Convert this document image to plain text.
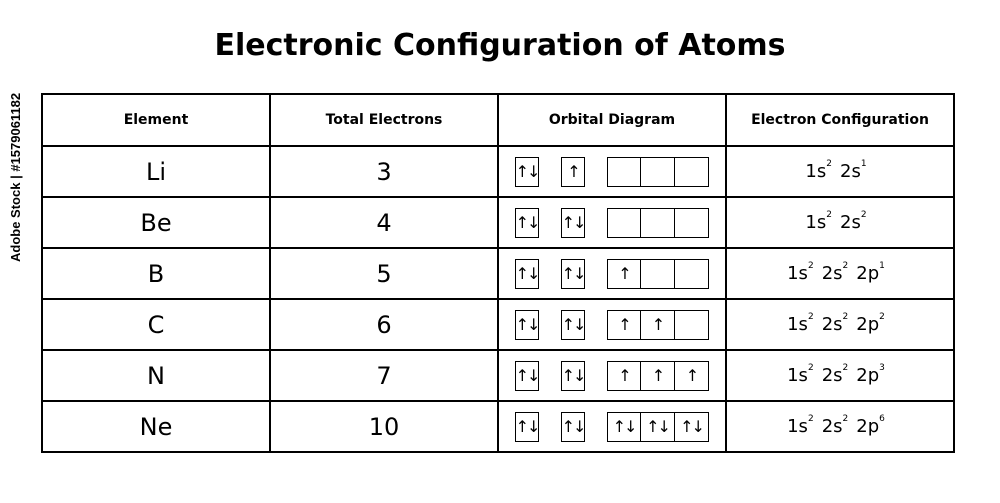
Electronic Configuration of Atoms
Adobe Stock | #1579061182	Element	Total Electrons	Orbital Diagram	Electron Configuration
Li	3	↑↓ ↑	$1s^2$ $2s^1$
Be	4	↑↓ ↑↓	$1s^2$ $2s^2$
B	5	↑↓ ↑↓ ↑	$1s^2$ $2s^2$ $2p^1$
C	6	↑↓ ↑↓ ↑ ↑	$1s^2$ $2s^2$ $2p^2$
N	7	↑↓ ↑↓ ↑ ↑ ↑	$1s^2$ $2s^2$ $2p^3$
Ne	10	↑↓ ↑↓ ↑↓ ↑↓ ↑↓	$1s^2$ $2s^2$ $2p^6$
